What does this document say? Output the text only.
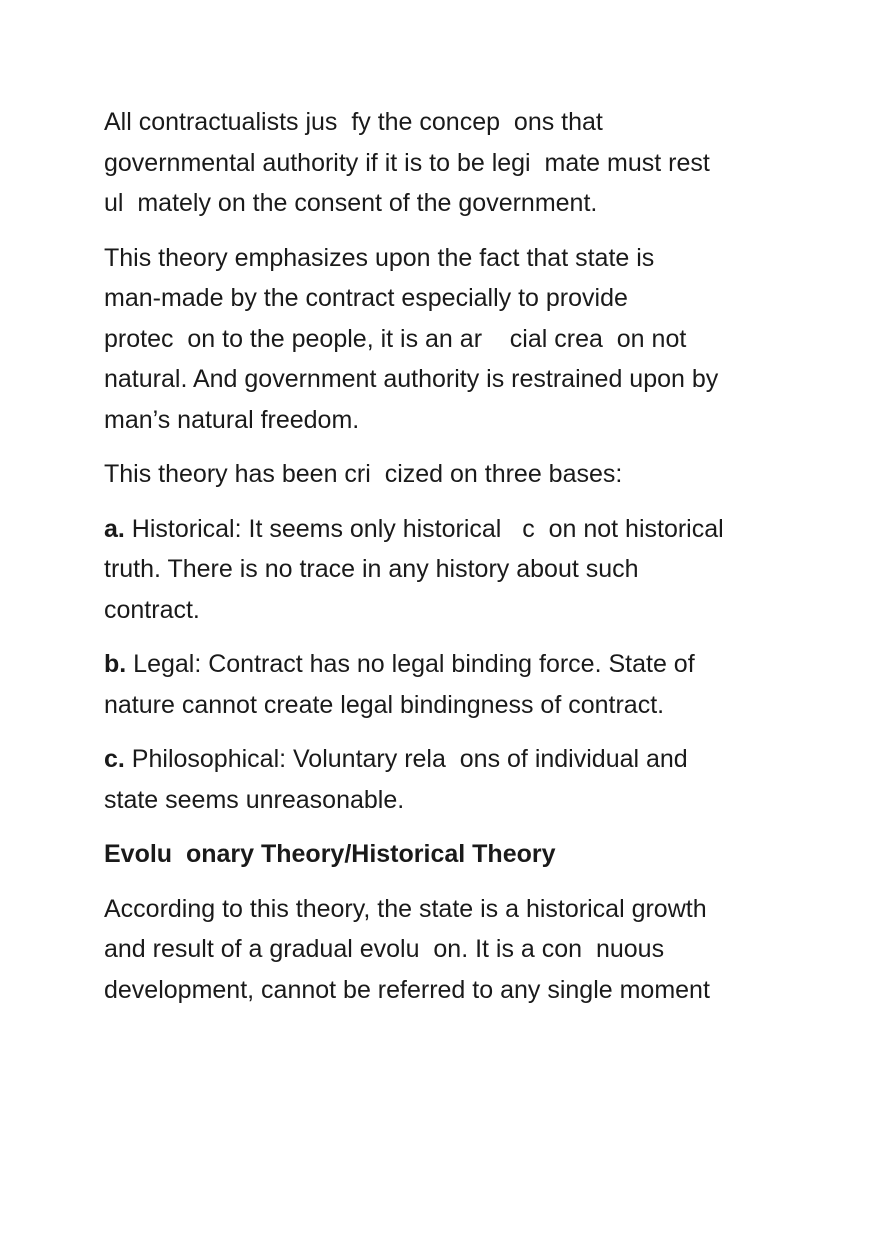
All contractualists jus  fy the concep  ons that
governmental authority if it is to be legi  mate must rest
ul  mately on the consent of the government.

This theory emphasizes upon the fact that state is
man-made by the contract especially to provide
protec  on to the people, it is an ar    cial crea  on not
natural. And government authority is restrained upon by
man’s natural freedom.

This theory has been cri  cized on three bases:

a. Historical: It seems only historical   c  on not historical
truth. There is no trace in any history about such
contract.

b. Legal: Contract has no legal binding force. State of
nature cannot create legal bindingness of contract.

c. Philosophical: Voluntary rela  ons of individual and
state seems unreasonable.

Evolu  onary Theory/Historical Theory

According to this theory, the state is a historical growth
and result of a gradual evolu  on. It is a con  nuous
development, cannot be referred to any single moment
